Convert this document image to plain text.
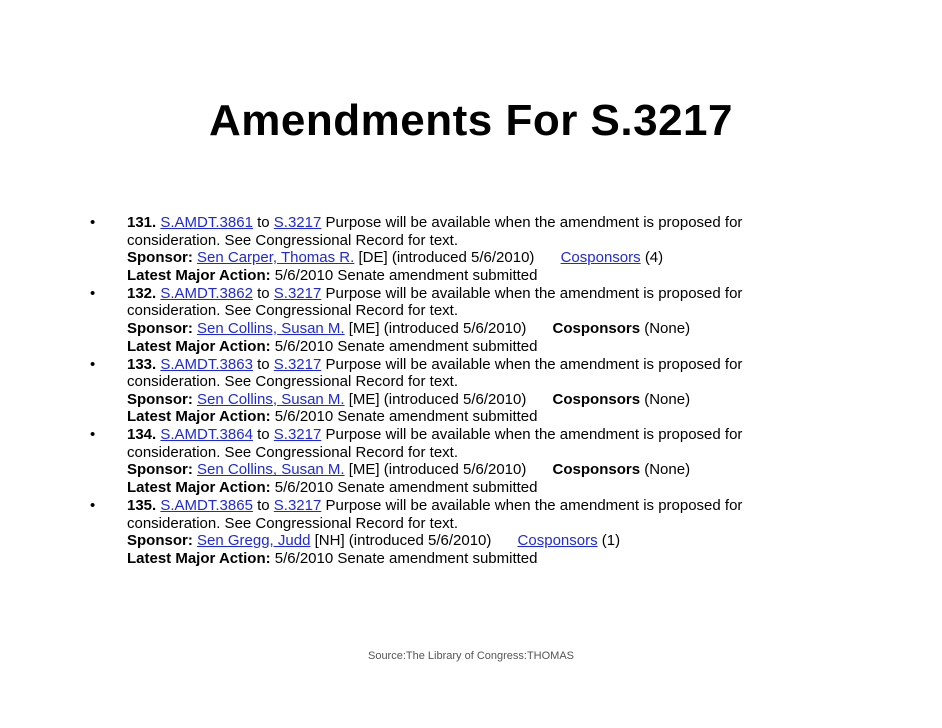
Amendments For S.3217
•	131. S.AMDT.3861 to S.3217 Purpose will be available when the amendment is proposed for
consideration. See Congressional Record for text.
Sponsor: Sen Carper, Thomas R. [DE] (introduced 5/6/2010) Cosponsors (4)
Latest Major Action: 5/6/2010 Senate amendment submitted
•	132. S.AMDT.3862 to S.3217 Purpose will be available when the amendment is proposed for
consideration. See Congressional Record for text.
Sponsor: Sen Collins, Susan M. [ME] (introduced 5/6/2010) Cosponsors (None)
Latest Major Action: 5/6/2010 Senate amendment submitted
•	133. S.AMDT.3863 to S.3217 Purpose will be available when the amendment is proposed for
consideration. See Congressional Record for text.
Sponsor: Sen Collins, Susan M. [ME] (introduced 5/6/2010) Cosponsors (None)
Latest Major Action: 5/6/2010 Senate amendment submitted
•	134. S.AMDT.3864 to S.3217 Purpose will be available when the amendment is proposed for
consideration. See Congressional Record for text.
Sponsor: Sen Collins, Susan M. [ME] (introduced 5/6/2010) Cosponsors (None)
Latest Major Action: 5/6/2010 Senate amendment submitted
•	135. S.AMDT.3865 to S.3217 Purpose will be available when the amendment is proposed for
consideration. See Congressional Record for text.
Sponsor: Sen Gregg, Judd [NH] (introduced 5/6/2010) Cosponsors (1)
Latest Major Action: 5/6/2010 Senate amendment submitted
Source:The Library of Congress:THOMAS
